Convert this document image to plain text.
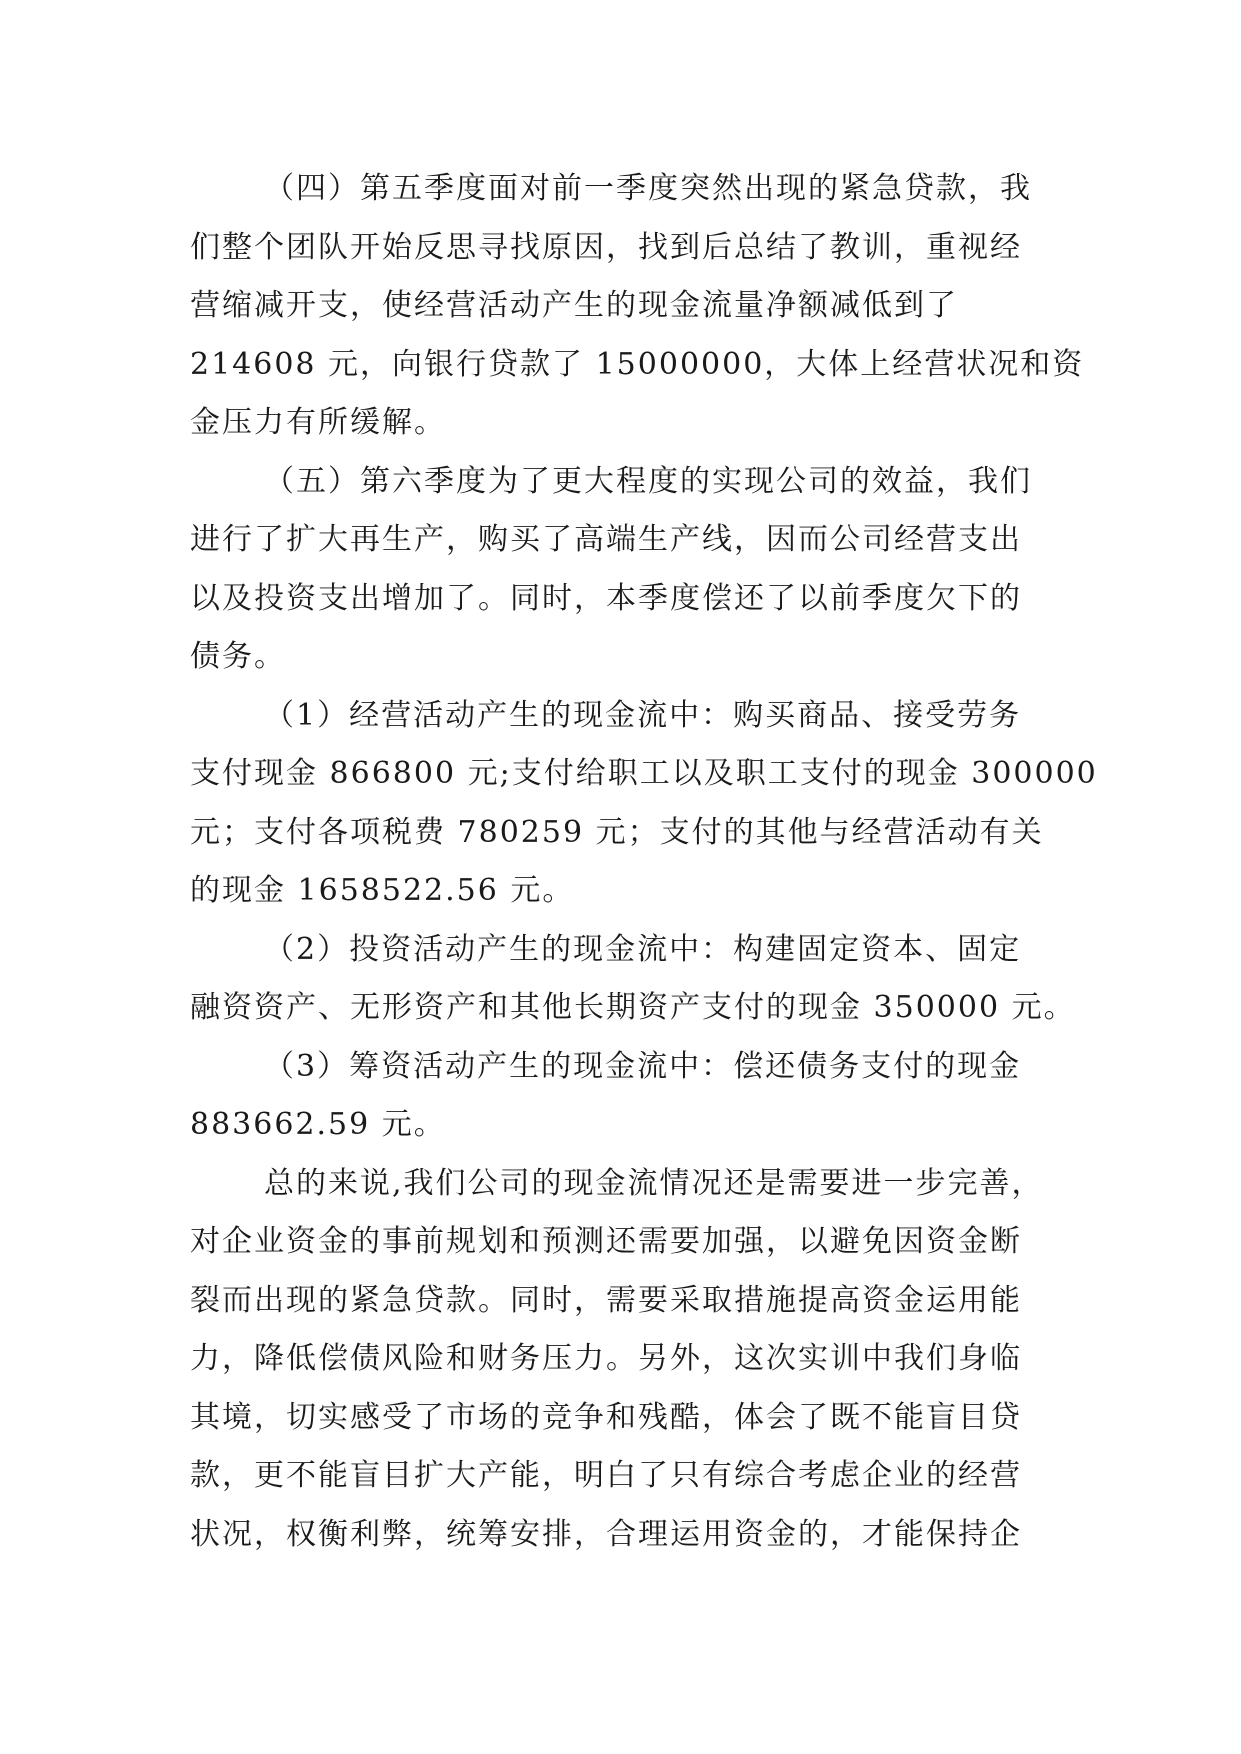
（四）第五季度面对前一季度突然出现的紧急贷款，我
们整个团队开始反思寻找原因，找到后总结了教训，重视经
营缩减开支，使经营活动产生的现金流量净额减低到了
214608 元，向银行贷款了 15000000，大体上经营状况和资
金压力有所缓解。
（五）第六季度为了更大程度的实现公司的效益，我们
进行了扩大再生产，购买了高端生产线，因而公司经营支出
以及投资支出增加了。同时，本季度偿还了以前季度欠下的
债务。
（1）经营活动产生的现金流中：购买商品、接受劳务
支付现金 866800 元;支付给职工以及职工支付的现金 300000
元；支付各项税费 780259 元；支付的其他与经营活动有关
的现金 1658522.56 元。
（2）投资活动产生的现金流中：构建固定资本、固定
融资资产、无形资产和其他长期资产支付的现金 350000 元。
（3）筹资活动产生的现金流中：偿还债务支付的现金
883662.59 元。
总的来说,我们公司的现金流情况还是需要进一步完善，
对企业资金的事前规划和预测还需要加强，以避免因资金断
裂而出现的紧急贷款。同时，需要采取措施提高资金运用能
力，降低偿债风险和财务压力。另外，这次实训中我们身临
其境，切实感受了市场的竞争和残酷，体会了既不能盲目贷
款，更不能盲目扩大产能，明白了只有综合考虑企业的经营
状况，权衡利弊，统筹安排，合理运用资金的，才能保持企
